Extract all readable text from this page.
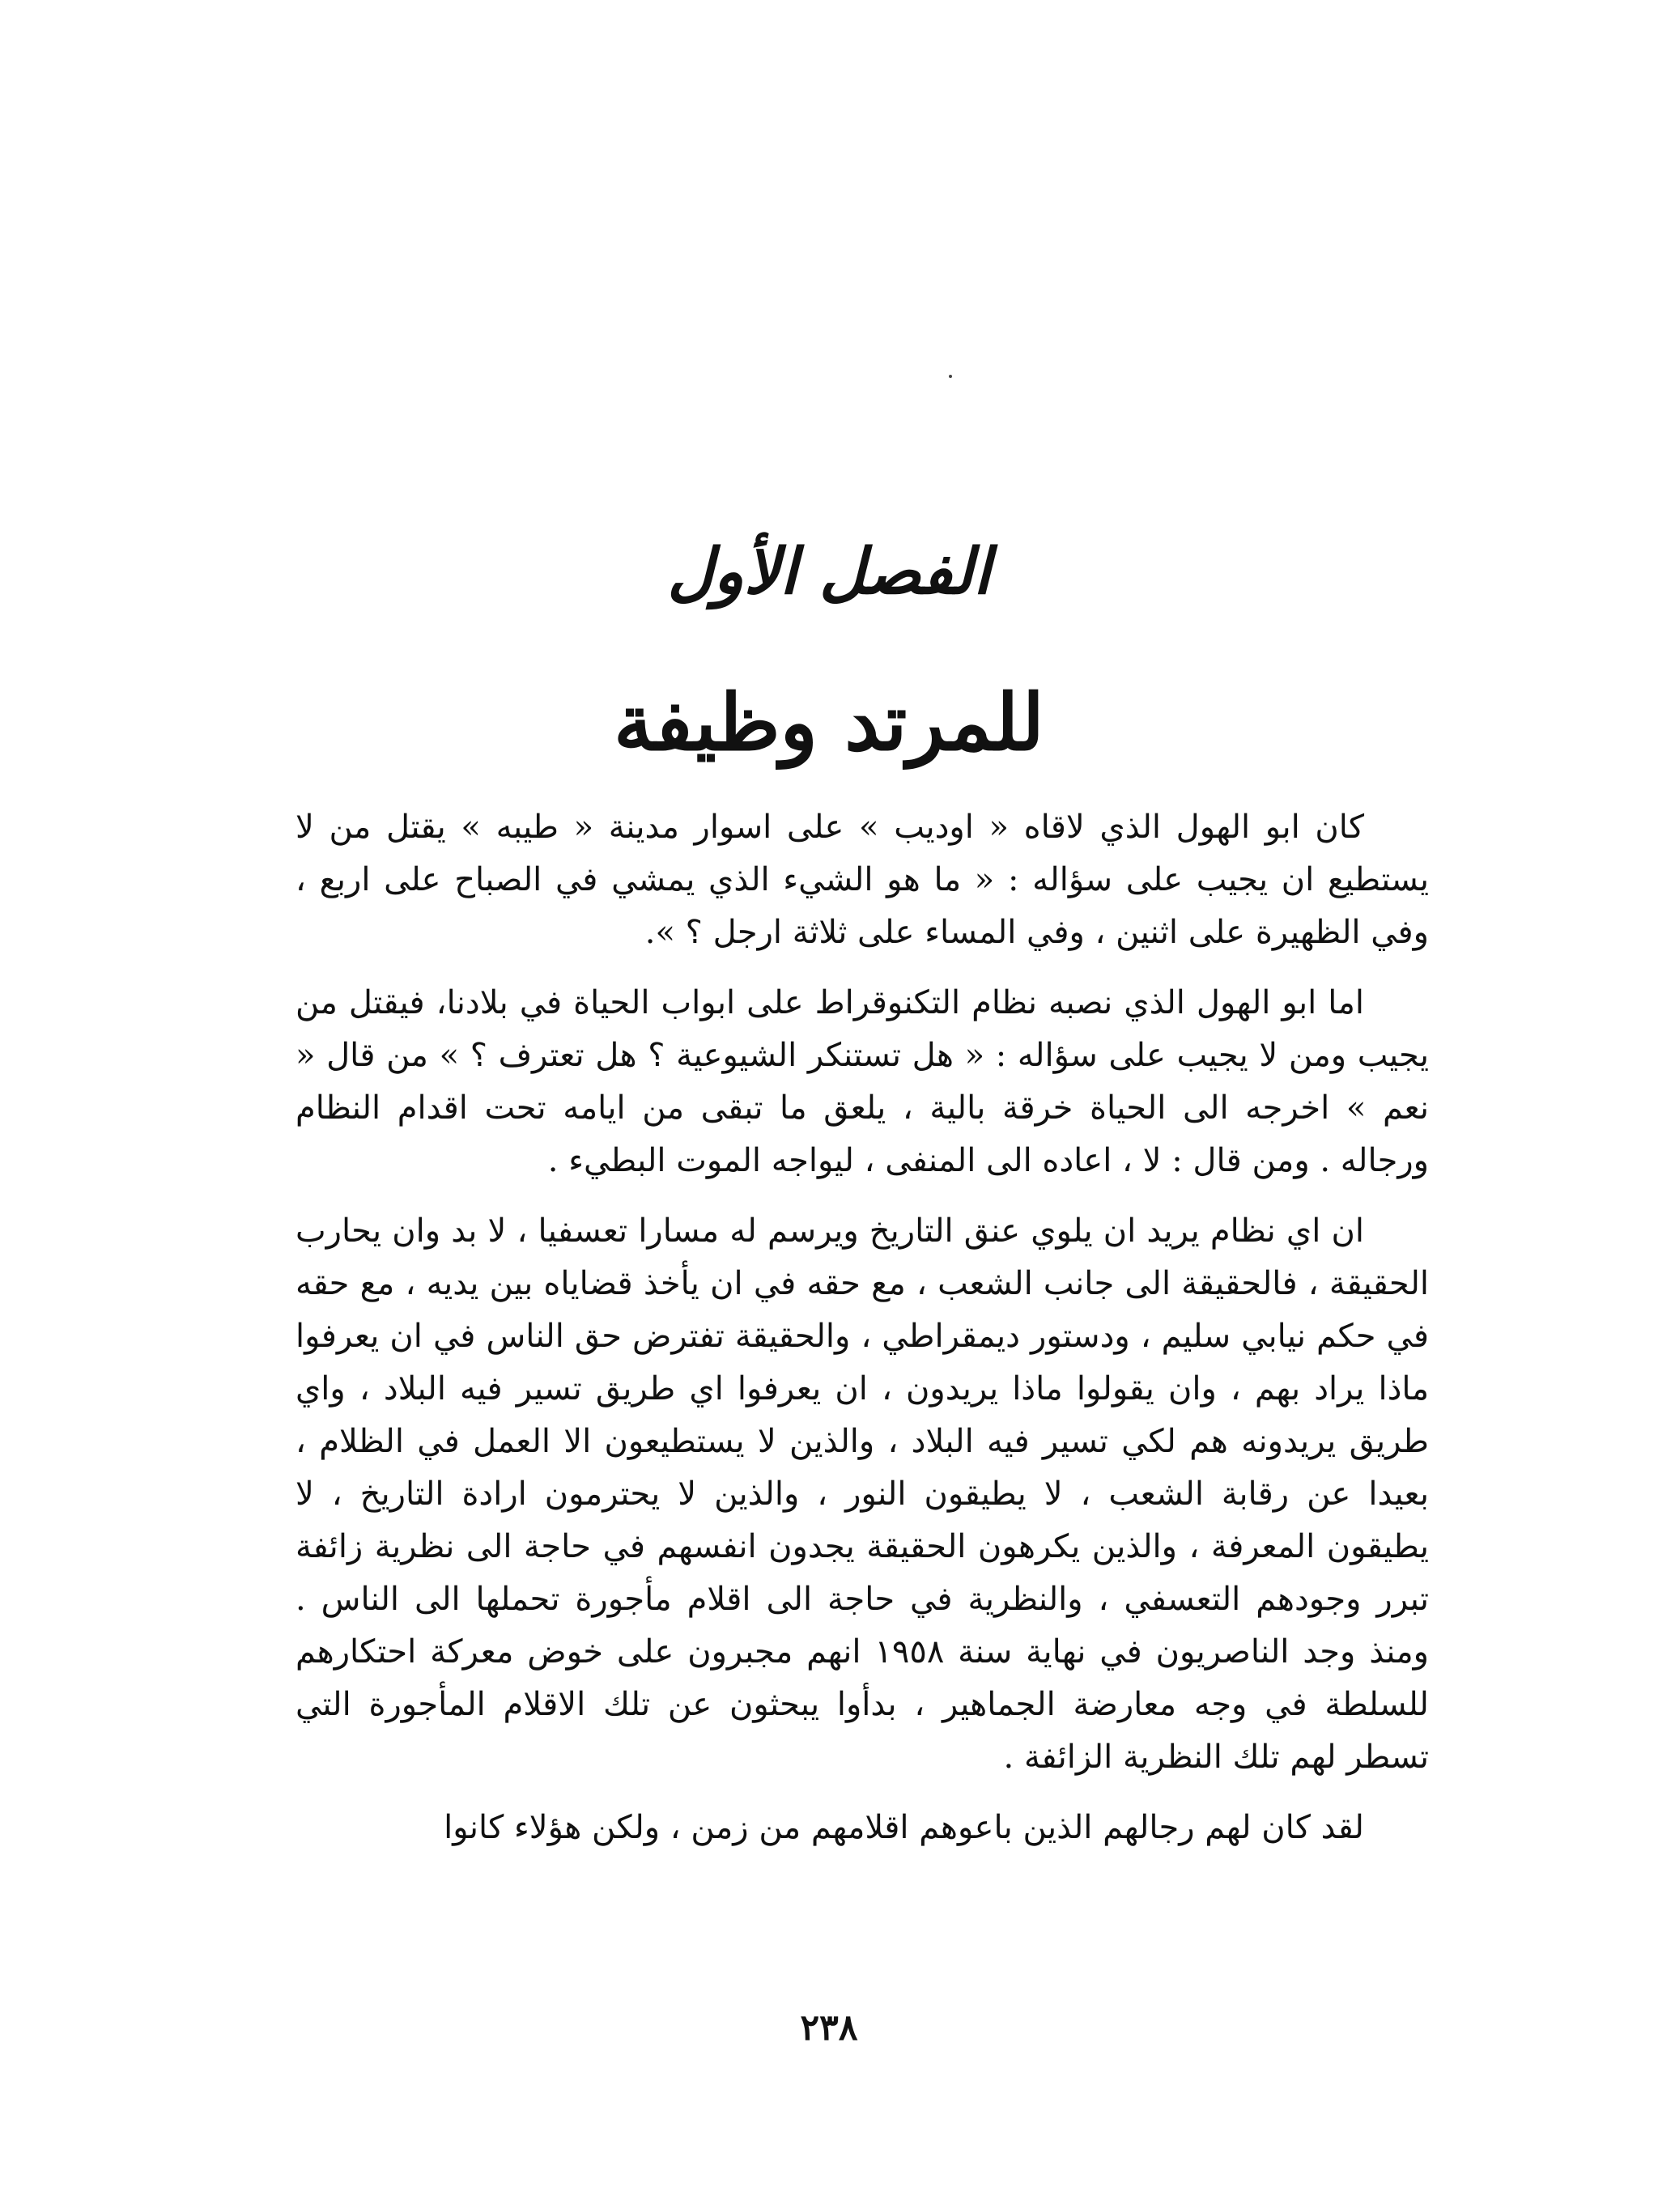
الفصل الأول
للمرتد وظيفة

كان ابو الهول الذي لاقاه « اوديب » على اسوار مدينة « طيبه » يقتل من لا يستطيع ان يجيب على سؤاله : « ما هو الشيء الذي يمشي في الصباح على اربع ، وفي الظهيرة على اثنين ، وفي المساء على ثلاثة ارجل ؟ ».

اما ابو الهول الذي نصبه نظام التكنوقراط على ابواب الحياة في بلادنا، فيقتل من يجيب ومن لا يجيب على سؤاله : « هل تستنكر الشيوعية ؟ هل تعترف ؟ » من قال « نعم » اخرجه الى الحياة خرقة بالية ، يلعق ما تبقى من ايامه تحت اقدام النظام ورجاله . ومن قال : لا ، اعاده الى المنفى ، ليواجه الموت البطيء .

ان اي نظام يريد ان يلوي عنق التاريخ ويرسم له مسارا تعسفيا ، لا بد وان يحارب الحقيقة ، فالحقيقة الى جانب الشعب ، مع حقه في ان يأخذ قضاياه بين يديه ، مع حقه في حكم نيابي سليم ، ودستور ديمقراطي ، والحقيقة تفترض حق الناس في ان يعرفوا ماذا يراد بهم ، وان يقولوا ماذا يريدون ، ان يعرفوا اي طريق تسير فيه البلاد ، واي طريق يريدونه هم لكي تسير فيه البلاد ، والذين لا يستطيعون الا العمل في الظلام ، بعيدا عن رقابة الشعب ، لا يطيقون النور ، والذين لا يحترمون ارادة التاريخ ، لا يطيقون المعرفة ، والذين يكرهون الحقيقة يجدون انفسهم في حاجة الى نظرية زائفة تبرر وجودهم التعسفي ، والنظرية في حاجة الى اقلام مأجورة تحملها الى الناس . ومنذ وجد الناصريون في نهاية سنة ١٩٥٨ انهم مجبرون على خوض معركة احتكارهم للسلطة في وجه معارضة الجماهير ، بدأوا يبحثون عن تلك الاقلام المأجورة التي تسطر لهم تلك النظرية الزائفة .

لقد كان لهم رجالهم الذين باعوهم اقلامهم من زمن ، ولكن هؤلاء كانوا

٢٣٨
